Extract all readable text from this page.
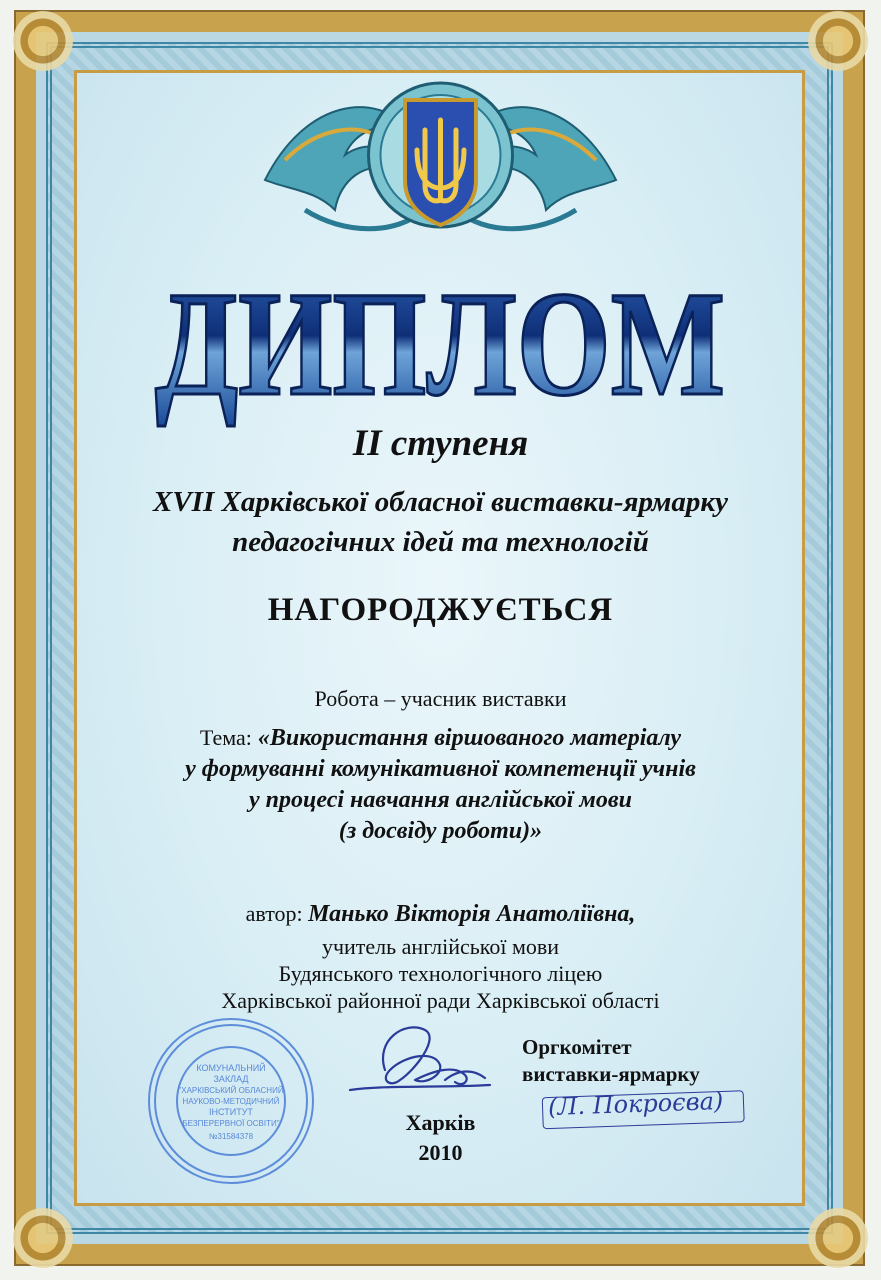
ДИПЛОМ
ІІ ступеня
XVII Харківської обласної виставки-ярмарку
педагогічних ідей та технологій
НАГОРОДЖУЄТЬСЯ
Робота – учасник виставки
Тема: «Використання віршованого матеріалу
у формуванні комунікативної компетенції учнів
у процесі навчання англійської мови
(з досвіду роботи)»
автор: Манько Вікторія Анатоліївна,
учитель англійської мови
Будянського технологічного ліцею
Харківської районної ради Харківської області
КОМУНАЛЬНИЙ
ЗАКЛАД
"ХАРКІВСЬКИЙ ОБЛАСНИЙ
НАУКОВО-МЕТОДИЧНИЙ
ІНСТИТУТ
БЕЗПЕРЕРВНОЇ ОСВІТИ"
№31584378
Оргкомітет
виставки-ярмарку
(Л. Покроєва)
Харків
2010
